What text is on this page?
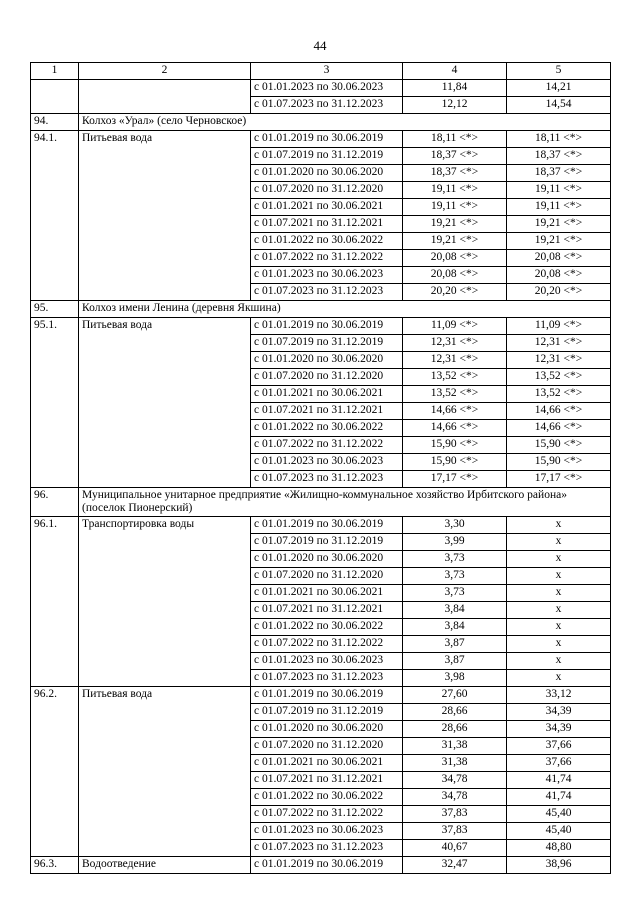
44
1	2	3	4	5
		с 01.01.2023 по 30.06.2023	11,84	14,21
		с 01.07.2023 по 31.12.2023	12,12	14,54
94.	Колхоз «Урал» (село Черновское)			
94.1.	Питьевая вода	с 01.01.2019 по 30.06.2019	18,11 <*>	18,11 <*>
		с 01.07.2019 по 31.12.2019	18,37 <*>	18,37 <*>
		с 01.01.2020 по 30.06.2020	18,37 <*>	18,37 <*>
		с 01.07.2020 по 31.12.2020	19,11 <*>	19,11 <*>
		с 01.01.2021 по 30.06.2021	19,11 <*>	19,11 <*>
		с 01.07.2021 по 31.12.2021	19,21 <*>	19,21 <*>
		с 01.01.2022 по 30.06.2022	19,21 <*>	19,21 <*>
		с 01.07.2022 по 31.12.2022	20,08 <*>	20,08 <*>
		с 01.01.2023 по 30.06.2023	20,08 <*>	20,08 <*>
		с 01.07.2023 по 31.12.2023	20,20 <*>	20,20 <*>
95.	Колхоз имени Ленина (деревня Якшина)			
95.1.	Питьевая вода	с 01.01.2019 по 30.06.2019	11,09 <*>	11,09 <*>
		с 01.07.2019 по 31.12.2019	12,31 <*>	12,31 <*>
		с 01.01.2020 по 30.06.2020	12,31 <*>	12,31 <*>
		с 01.07.2020 по 31.12.2020	13,52 <*>	13,52 <*>
		с 01.01.2021 по 30.06.2021	13,52 <*>	13,52 <*>
		с 01.07.2021 по 31.12.2021	14,66 <*>	14,66 <*>
		с 01.01.2022 по 30.06.2022	14,66 <*>	14,66 <*>
		с 01.07.2022 по 31.12.2022	15,90 <*>	15,90 <*>
		с 01.01.2023 по 30.06.2023	15,90 <*>	15,90 <*>
		с 01.07.2023 по 31.12.2023	17,17 <*>	17,17 <*>
96.	Муниципальное унитарное предприятие «Жилищно-коммунальное хозяйство Ирбитского района» (поселок Пионерский)			
96.1.	Транспортировка воды	с 01.01.2019 по 30.06.2019	3,30	x
		с 01.07.2019 по 31.12.2019	3,99	x
		с 01.01.2020 по 30.06.2020	3,73	x
		с 01.07.2020 по 31.12.2020	3,73	x
		с 01.01.2021 по 30.06.2021	3,73	x
		с 01.07.2021 по 31.12.2021	3,84	x
		с 01.01.2022 по 30.06.2022	3,84	x
		с 01.07.2022 по 31.12.2022	3,87	x
		с 01.01.2023 по 30.06.2023	3,87	x
		с 01.07.2023 по 31.12.2023	3,98	x
96.2.	Питьевая вода	с 01.01.2019 по 30.06.2019	27,60	33,12
		с 01.07.2019 по 31.12.2019	28,66	34,39
		с 01.01.2020 по 30.06.2020	28,66	34,39
		с 01.07.2020 по 31.12.2020	31,38	37,66
		с 01.01.2021 по 30.06.2021	31,38	37,66
		с 01.07.2021 по 31.12.2021	34,78	41,74
		с 01.01.2022 по 30.06.2022	34,78	41,74
		с 01.07.2022 по 31.12.2022	37,83	45,40
		с 01.01.2023 по 30.06.2023	37,83	45,40
		с 01.07.2023 по 31.12.2023	40,67	48,80
96.3.	Водоотведение	с 01.01.2019 по 30.06.2019	32,47	38,96
